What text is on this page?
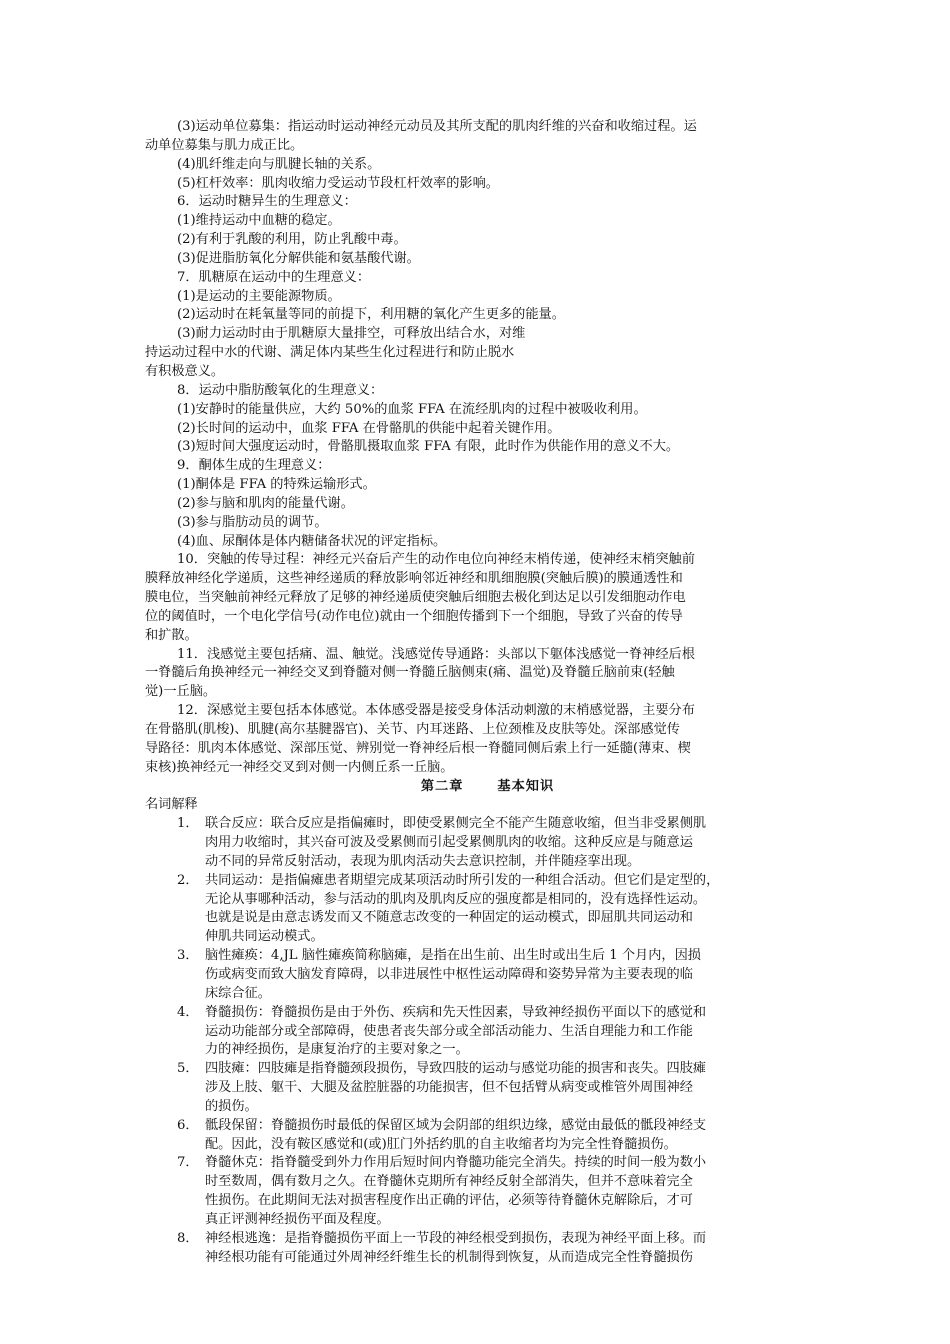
(3)运动单位募集：指运动时运动神经元动员及其所支配的肌肉纤维的兴奋和收缩过程。运
动单位募集与肌力成正比。
(4)肌纤维走向与肌腱长轴的关系。
(5)杠杆效率：肌肉收缩力受运动节段杠杆效率的影响。
6．运动时糖异生的生理意义：
(1)维持运动中血糖的稳定。
(2)有利于乳酸的利用，防止乳酸中毒。
(3)促进脂肪氧化分解供能和氨基酸代谢。
7．肌糖原在运动中的生理意义：
(1)是运动的主要能源物质。
(2)运动时在耗氧量等同的前提下，利用糖的氧化产生更多的能量。
(3)耐力运动时由于肌糖原大量排空，可释放出结合水，对维
持运动过程中水的代谢、满足体内某些生化过程进行和防止脱水
有积极意义。
8．运动中脂肪酸氧化的生理意义：
(1)安静时的能量供应，大约 50%的血浆 FFA 在流经肌肉的过程中被吸收利用。
(2)长时间的运动中，血浆 FFA 在骨骼肌的供能中起着关键作用。
(3)短时间大强度运动时，骨骼肌摄取血浆 FFA 有限，此时作为供能作用的意义不大。
9．酮体生成的生理意义：
(1)酮体是 FFA 的特殊运输形式。
(2)参与脑和肌肉的能量代谢。
(3)参与脂肪动员的调节。
(4)血、尿酮体是体内糖储备状况的评定指标。
10．突触的传导过程：神经元兴奋后产生的动作电位向神经末梢传递，使神经末梢突触前
膜释放神经化学递质，这些神经递质的释放影响邻近神经和肌细胞膜(突触后膜)的膜通透性和
膜电位，当突触前神经元释放了足够的神经递质使突触后细胞去极化到达足以引发细胞动作电
位的阈值时，一个电化学信号(动作电位)就由一个细胞传播到下一个细胞，导致了兴奋的传导
和扩散。
11．浅感觉主要包括痛、温、触觉。浅感觉传导通路：头部以下躯体浅感觉一脊神经后根
一脊髓后角换神经元一神经交叉到脊髓对侧一脊髓丘脑侧束(痛、温觉)及脊髓丘脑前束(轻触
觉)一丘脑。
12．深感觉主要包括本体感觉。本体感受器是接受身体活动刺激的末梢感觉器，主要分布
在骨骼肌(肌梭)、肌腱(高尔基腱器官)、关节、内耳迷路、上位颈椎及皮肤等处。深部感觉传
导路径：肌肉本体感觉、深部压觉、辨别觉一脊神经后根一脊髓同侧后索上行一延髓(薄束、楔
束核)换神经元一神经交叉到对侧一内侧丘系一丘脑。
第二章	基本知识
名词解释
1． 联合反应：联合反应是指偏瘫时，即使受累侧完全不能产生随意收缩，但当非受累侧肌
肉用力收缩时，其兴奋可波及受累侧而引起受累侧肌肉的收缩。这种反应是与随意运
动不同的异常反射活动，表现为肌肉活动失去意识控制，并伴随痉挛出现。
2． 共同运动：是指偏瘫患者期望完成某项活动时所引发的一种组合活动。但它们是定型的，
无论从事哪种活动，参与活动的肌肉及肌肉反应的强度都是相同的，没有选择性运动。
也就是说是由意志诱发而又不随意志改变的一种固定的运动模式，即屈肌共同运动和
伸肌共同运动模式。
3． 脑性瘫痪：4,JL 脑性瘫痪简称脑瘫，是指在出生前、出生时或出生后 1 个月内，因损
伤或病变而致大脑发育障碍，以非进展性中枢性运动障碍和姿势异常为主要表现的临
床综合征。
4． 脊髓损伤：脊髓损伤是由于外伤、疾病和先天性因素，导致神经损伤平面以下的感觉和
运动功能部分或全部障碍，使患者丧失部分或全部活动能力、生活自理能力和工作能
力的神经损伤，是康复治疗的主要对象之一。
5． 四肢瘫：四肢瘫是指脊髓颈段损伤，导致四肢的运动与感觉功能的损害和丧失。四肢瘫
涉及上肢、躯干、大腿及盆腔脏器的功能损害，但不包括臂从病变或椎管外周围神经
的损伤。
6． 骶段保留：脊髓损伤时最低的保留区域为会阴部的组织边缘，感觉由最低的骶段神经支
配。因此，没有鞍区感觉和(或)肛门外括约肌的自主收缩者均为完全性脊髓损伤。
7． 脊髓休克：指脊髓受到外力作用后短时间内脊髓功能完全消失。持续的时间一般为数小
时至数周，偶有数月之久。在脊髓休克期所有神经反射全部消失，但并不意味着完全
性损伤。在此期间无法对损害程度作出正确的评估，必须等待脊髓休克解除后，才可
真正评测神经损伤平面及程度。
8． 神经根逃逸：是指脊髓损伤平面上一节段的神经根受到损伤，表现为神经平面上移。而
神经根功能有可能通过外周神经纤维生长的机制得到恢复，从而造成完全性脊髓损伤
